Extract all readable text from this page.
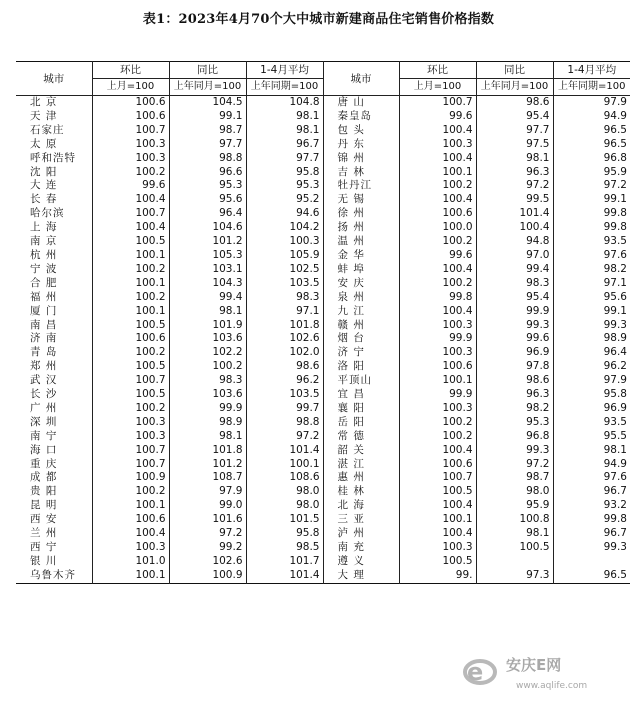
表1：2023年4月70个大中城市新建商品住宅销售价格指数
城市	环比	同比	1-4月平均	城市	环比	同比	1-4月平均
	上月=100	上年同月=100	上年同期=100		上月=100	上年同月=100	上年同期=100
北 京	100.6	104.5	104.8	唐 山	100.7	98.6	97.9
天 津	100.6	99.1	98.1	秦皇岛	99.6	95.4	94.9
石家庄	100.7	98.7	98.1	包 头	100.4	97.7	96.5
太 原	100.3	97.7	96.7	丹 东	100.3	97.5	96.5
呼和浩特	100.3	98.8	97.7	锦 州	100.4	98.1	96.8
沈 阳	100.2	96.6	95.8	吉 林	100.1	96.3	95.9
大 连	99.6	95.3	95.3	牡丹江	100.2	97.2	97.2
长 春	100.4	95.6	95.2	无 锡	100.4	99.5	99.1
哈尔滨	100.7	96.4	94.6	徐 州	100.6	101.4	99.8
上 海	100.4	104.6	104.2	扬 州	100.0	100.4	99.8
南 京	100.5	101.2	100.3	温 州	100.2	94.8	93.5
杭 州	100.1	105.3	105.9	金 华	99.6	97.0	97.6
宁 波	100.2	103.1	102.5	蚌 埠	100.4	99.4	98.2
合 肥	100.1	104.3	103.5	安 庆	100.2	98.3	97.1
福 州	100.2	99.4	98.3	泉 州	99.8	95.4	95.6
厦 门	100.1	98.1	97.1	九 江	100.4	99.9	99.1
南 昌	100.5	101.9	101.8	赣 州	100.3	99.3	99.3
济 南	100.6	103.6	102.6	烟 台	99.9	99.6	98.9
青 岛	100.2	102.2	102.0	济 宁	100.3	96.9	96.4
郑 州	100.5	100.2	98.6	洛 阳	100.6	97.8	96.2
武 汉	100.7	98.3	96.2	平顶山	100.1	98.6	97.9
长 沙	100.5	103.6	103.5	宜 昌	99.9	96.3	95.8
广 州	100.2	99.9	99.7	襄 阳	100.3	98.2	96.9
深 圳	100.3	98.9	98.8	岳 阳	100.2	95.3	93.5
南 宁	100.3	98.1	97.2	常 德	100.2	96.8	95.5
海 口	100.7	101.8	101.4	韶 关	100.4	99.3	98.1
重 庆	100.7	101.2	100.1	湛 江	100.6	97.2	94.9
成 都	100.9	108.7	108.6	惠 州	100.7	98.7	97.6
贵 阳	100.2	97.9	98.0	桂 林	100.5	98.0	96.7
昆 明	100.1	99.0	98.0	北 海	100.4	95.9	93.2
西 安	100.6	101.6	101.5	三 亚	100.1	100.8	99.8
兰 州	100.4	97.2	95.8	泸 州	100.4	98.1	96.7
西 宁	100.3	99.2	98.5	南 充	100.3	100.5	99.3
银 川	101.0	102.6	101.7	遵 义	100.5		
乌鲁木齐	100.1	100.9	101.4	大 理	99.	97.3	96.5
e 安庆E网
www.aqlife.com
